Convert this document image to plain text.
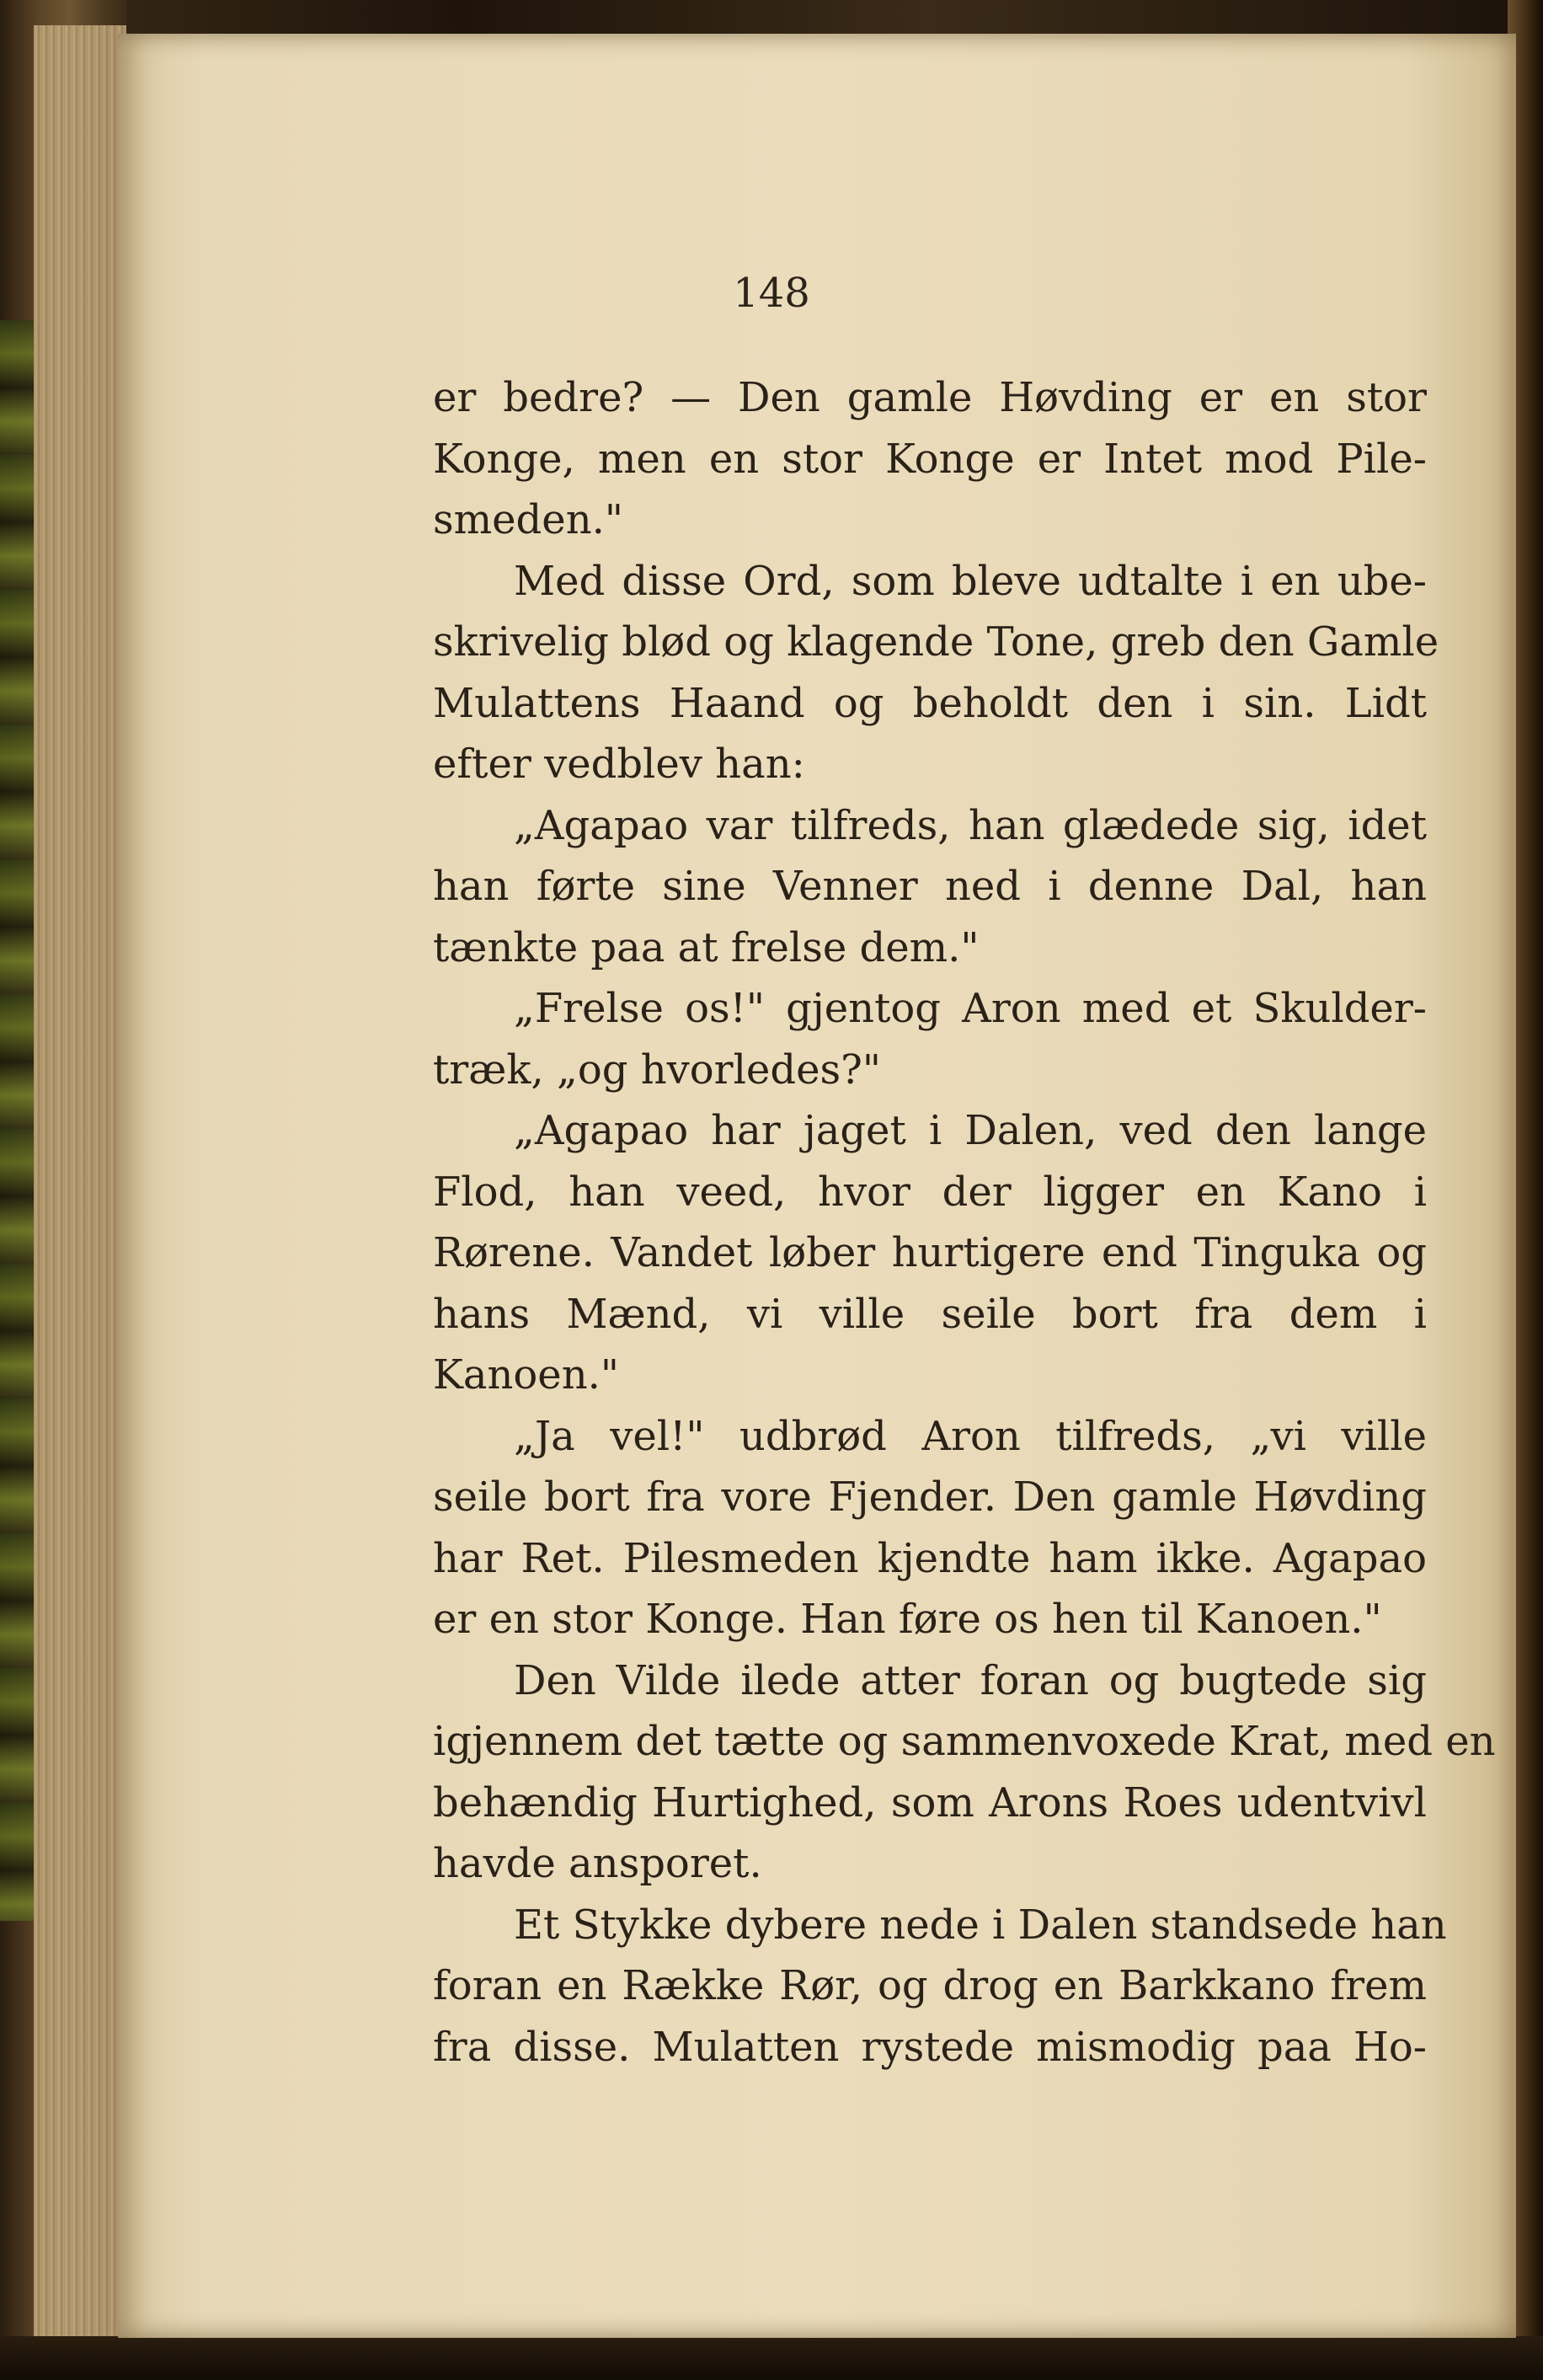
148
er bedre? — Den gamle Høvding er en stor
Konge, men en stor Konge er Intet mod Pile-
smeden."
Med disse Ord, som bleve udtalte i en ube-
skrivelig blød og klagende Tone, greb den Gamle
Mulattens Haand og beholdt den i sin. Lidt
efter vedblev han:
„Agapao var tilfreds, han glædede sig, idet
han førte sine Venner ned i denne Dal, han
tænkte paa at frelse dem."
„Frelse os!" gjentog Aron med et Skulder-
træk, „og hvorledes?"
„Agapao har jaget i Dalen, ved den lange
Flod, han veed, hvor der ligger en Kano i
Rørene. Vandet løber hurtigere end Tinguka og
hans Mænd, vi ville seile bort fra dem i
Kanoen."
„Ja vel!" udbrød Aron tilfreds, „vi ville
seile bort fra vore Fjender. Den gamle Høvding
har Ret. Pilesmeden kjendte ham ikke. Agapao
er en stor Konge. Han føre os hen til Kanoen."
Den Vilde ilede atter foran og bugtede sig
igjennem det tætte og sammenvoxede Krat, med en
behændig Hurtighed, som Arons Roes udentvivl
havde ansporet.
Et Stykke dybere nede i Dalen standsede han
foran en Række Rør, og drog en Barkkano frem
fra disse. Mulatten rystede mismodig paa Ho-
